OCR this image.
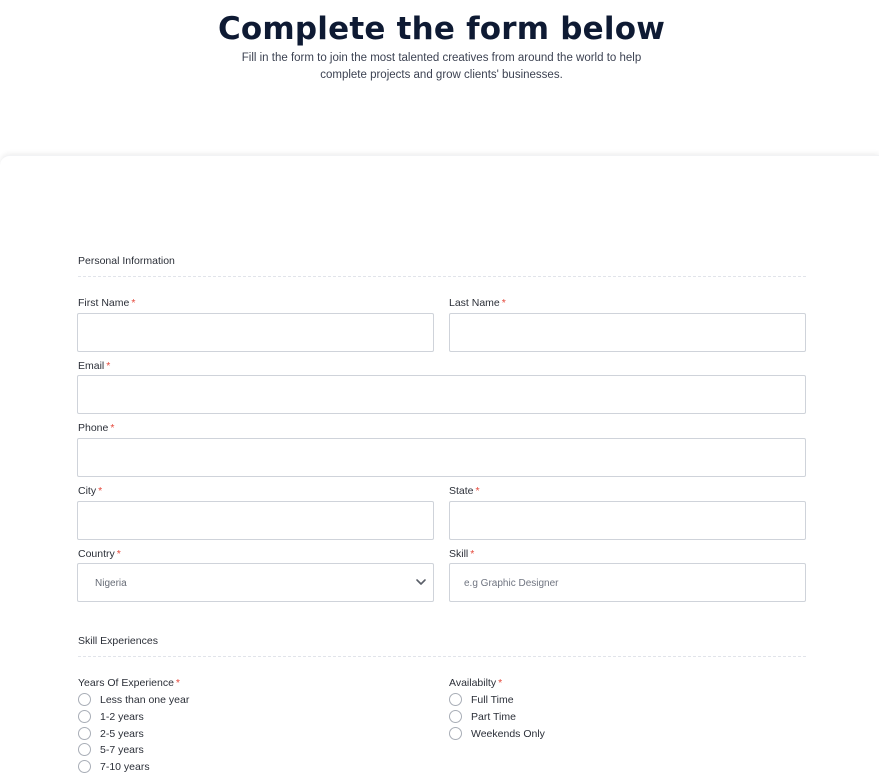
Complete the form below
Fill in the form to join the most talented creatives from around the world to help
complete projects and grow clients' businesses.
Personal Information
First Name *	Last Name *
Email *
Phone *
City *	State *
Country *
Nigeria
Skill *
e.g Graphic Designer
Skill Experiences
Years Of Experience *
Less than one year
1-2 years
2-5 years
5-7 years
7-10 years
Availabilty *
Full Time
Part Time
Weekends Only
